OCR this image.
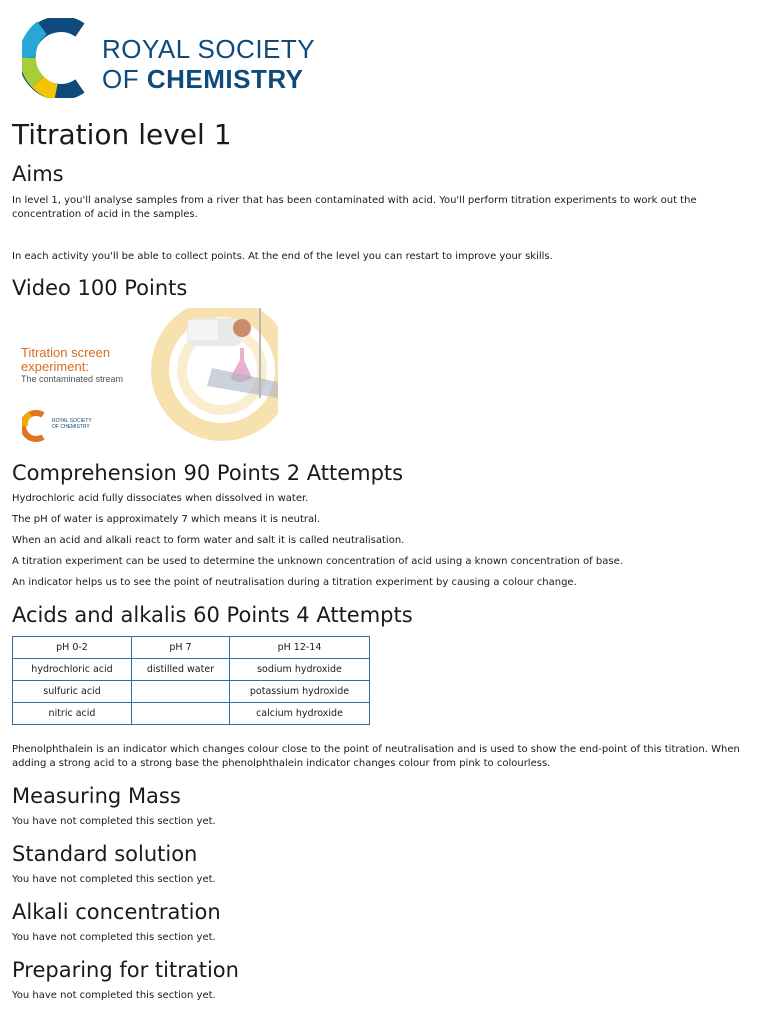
ROYAL SOCIETY
OF CHEMISTRY
Titration level 1
Aims

In level 1, you'll analyse samples from a river that has been contaminated with acid. You'll perform titration experiments to work out the concentration of acid in the samples.

In each activity you'll be able to collect points. At the end of the level you can restart to improve your skills.

Video 100 Points
Titration screen
experiment:
The contaminated stream
ROYAL SOCIETY
OF CHEMISTRY
Comprehension 90 Points 2 Attempts

Hydrochloric acid fully dissociates when dissolved in water.

The pH of water is approximately 7 which means it is neutral.

When an acid and alkali react to form water and salt it is called neutralisation.

A titration experiment can be used to determine the unknown concentration of acid using a known concentration of base.

An indicator helps us to see the point of neutralisation during a titration experiment by causing a colour change.

Acids and alkalis 60 Points 4 Attempts
pH 0-2	pH 7	pH 12-14
hydrochloric acid	distilled water	sodium hydroxide
sulfuric acid		potassium hydroxide
nitric acid		calcium hydroxide

Phenolphthalein is an indicator which changes colour close to the point of neutralisation and is used to show the end-point of this titration. When adding a strong acid to a strong base the phenolphthalein indicator changes colour from pink to colourless.

Measuring Mass

You have not completed this section yet.

Standard solution

You have not completed this section yet.

Alkali concentration

You have not completed this section yet.

Preparing for titration

You have not completed this section yet.
